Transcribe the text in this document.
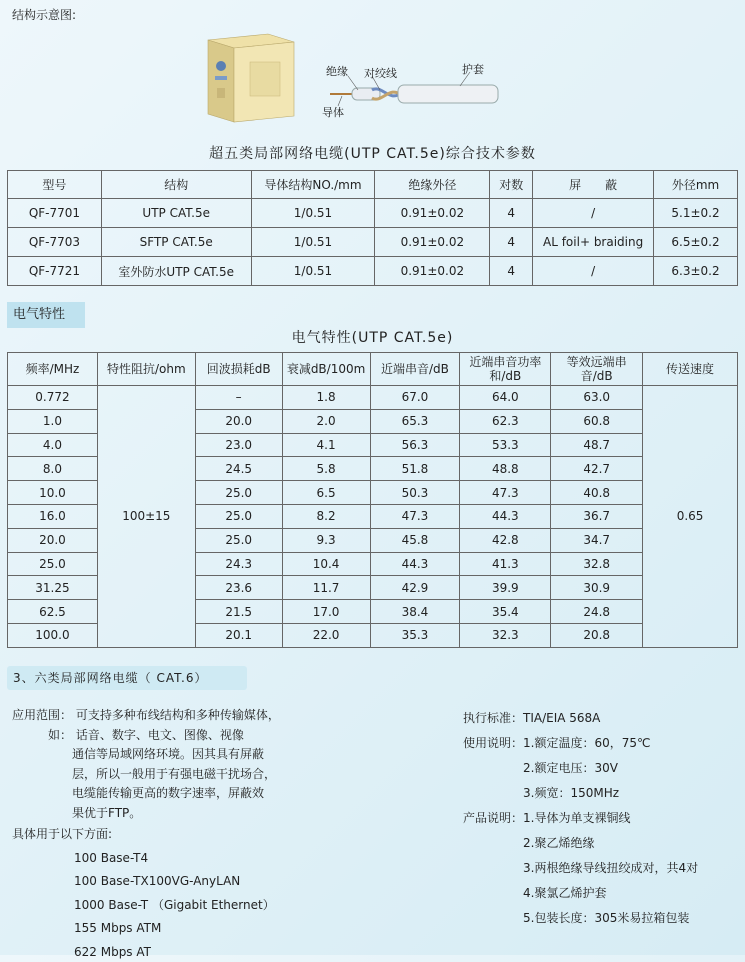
结构示意图:
绝缘 对绞线	护套
导体
超五类局部网络电缆(UTP CAT.5e)综合技术参数
型号	结构	导体结构NO./mm	绝缘外径	对数	屏　　蔽	外径mm
QF-7701	UTP CAT.5e	1/0.51	0.91±0.02	4	/	5.1±0.2
QF-7703	SFTP CAT.5e	1/0.51	0.91±0.02	4	AL foil+ braiding	6.5±0.2
QF-7721	室外防水UTP CAT.5e	1/0.51	0.91±0.02	4	/	6.3±0.2
电气特性
电气特性(UTP CAT.5e)
频率/MHz	特性阻抗/ohm	回波损耗dB	衰减dB/100m	近端串音/dB	近端串音功率和/dB	等效远端串音/dB	传送速度
0.772	100±15	–	1.8	67.0	64.0	63.0	0.65
1.0		20.0	2.0	65.3	62.3	60.8	
4.0		23.0	4.1	56.3	53.3	48.7	
8.0		24.5	5.8	51.8	48.8	42.7	
10.0		25.0	6.5	50.3	47.3	40.8	
16.0		25.0	8.2	47.3	44.3	36.7	
20.0		25.0	9.3	45.8	42.8	34.7	
25.0		24.3	10.4	44.3	41.3	32.8	
31.25		23.6	11.7	42.9	39.9	30.9	
62.5		21.5	17.0	38.4	35.4	24.8	
100.0		20.1	22.0	35.3	32.3	20.8	
3、六类局部网络电缆（ CAT.6）
应用范围： 可支持多种布线结构和多种传输媒体，
　　　如： 话音、数字、电文、图像、视像
　　　　　通信等局域网络环境。因其具有屏蔽
　　　　　层，所以一般用于有强电磁干扰场合，
　　　　　电缆能传输更高的数字速率，屏蔽效
　　　　　果优于FTP。
具体用于以下方面:
100 Base-T4
100 Base-TX100VG-AnyLAN
1000 Base-T （Gigabit Ethernet）
155 Mbps ATM
622 Mbps AT
执行标准：TIA/EIA 568A
使用说明：1.额定温度：60，75℃
　　　　　2.额定电压：30V
　　　　　3.频宽：150MHz
产品说明：1.导体为单支裸铜线
　　　　　2.聚乙烯绝缘
　　　　　3.两根绝缘导线扭绞成对，共4对
　　　　　4.聚氯乙烯护套
　　　　　5.包装长度：305米易拉箱包装
